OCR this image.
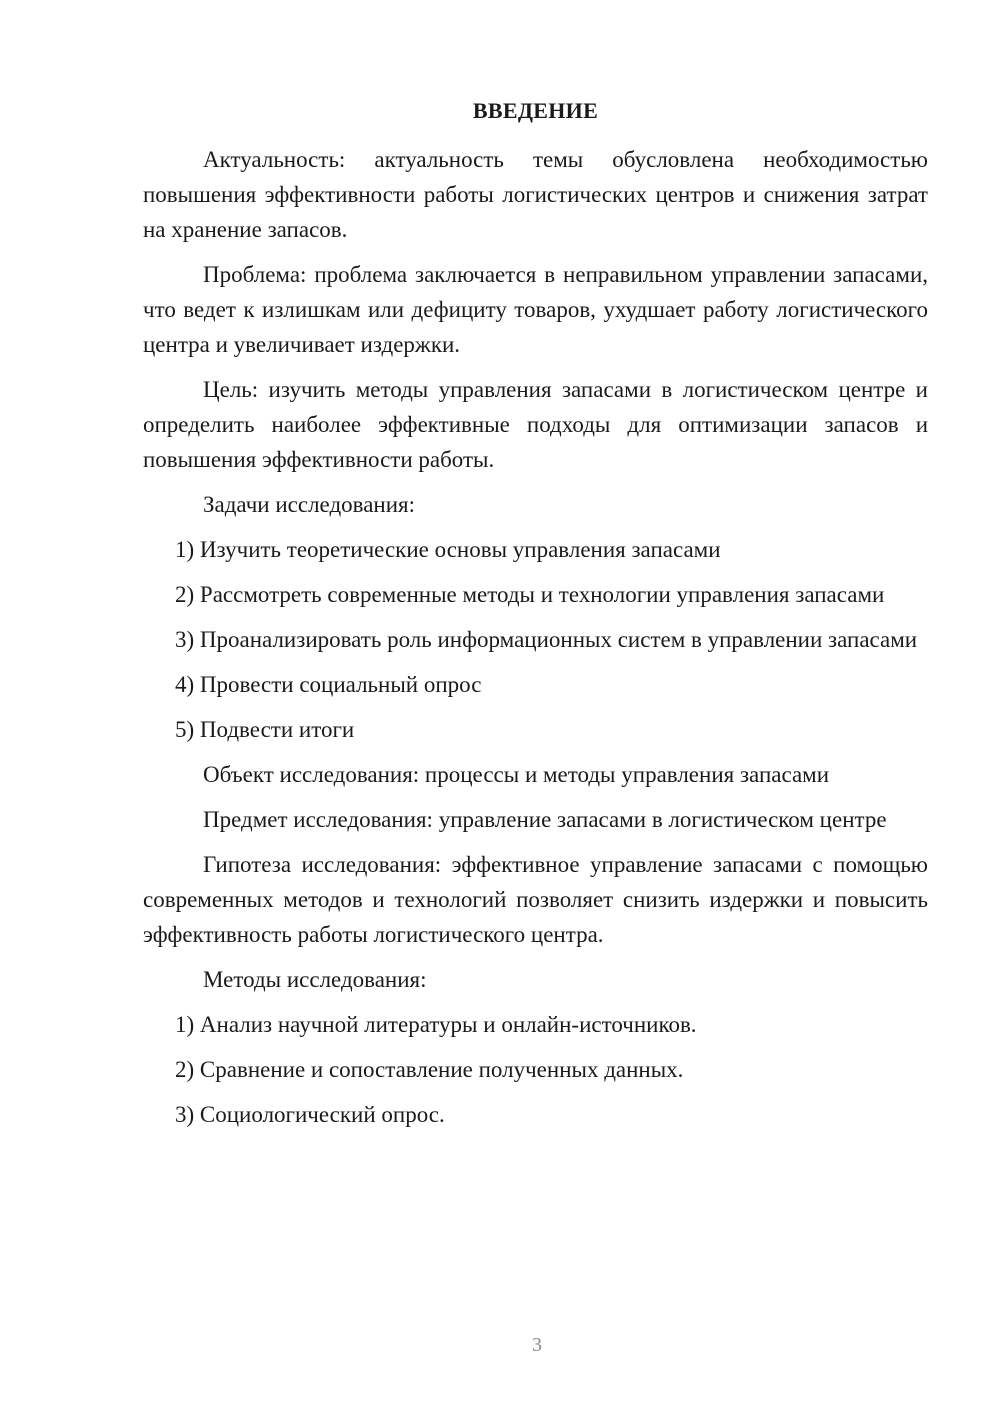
ВВЕДЕНИЕ

Актуальность: актуальность темы обусловлена необходимостью повышения эффективности работы логистических центров и снижения затрат на хранение запасов.

Проблема: проблема заключается в неправильном управлении запасами, что ведет к излишкам или дефициту товаров, ухудшает работу логистического центра и увеличивает издержки.

Цель: изучить методы управления запасами в логистическом центре и определить наиболее эффективные подходы для оптимизации запасов и повышения эффективности работы.

Задачи исследования:

1) Изучить теоретические основы управления запасами

2) Рассмотреть современные методы и технологии управления запасами

3) Проанализировать роль информационных систем в управлении запасами

4) Провести социальный опрос

5) Подвести итоги

Объект исследования: процессы и методы управления запасами

Предмет исследования: управление запасами в логистическом центре

Гипотеза исследования: эффективное управление запасами с помощью современных методов и технологий позволяет снизить издержки и повысить эффективность работы логистического центра.

Методы исследования:

1) Анализ научной литературы и онлайн-источников.

2) Сравнение и сопоставление полученных данных.

3) Социологический опрос.

3
